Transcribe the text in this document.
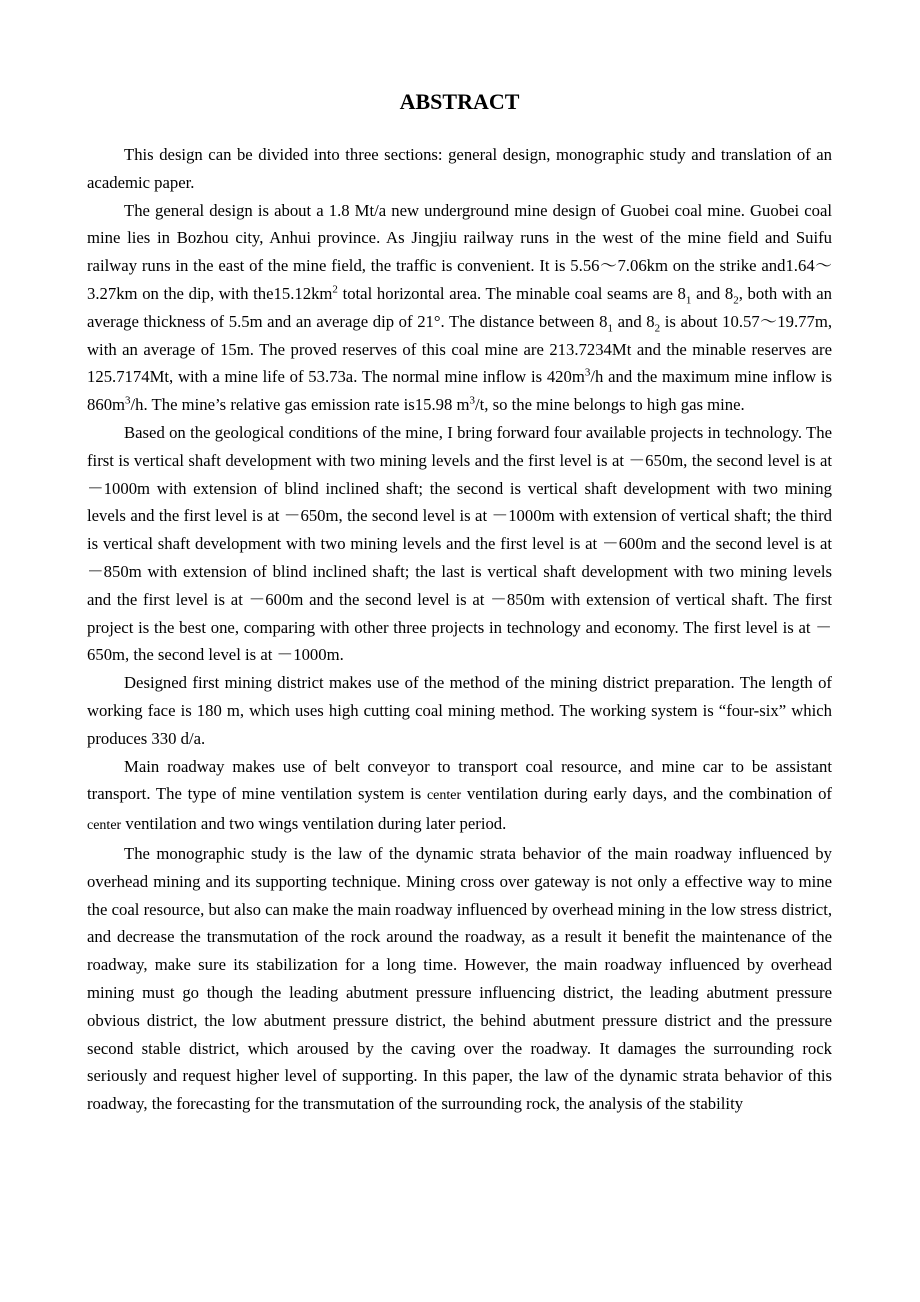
ABSTRACT

This design can be divided into three sections: general design, monographic study and translation of an academic paper.

The general design is about a 1.8 Mt/a new underground mine design of Guobei coal mine. Guobei coal mine lies in Bozhou city, Anhui province. As Jingjiu railway runs in the west of the mine field and Suifu railway runs in the east of the mine field, the traffic is convenient. It is 5.56～7.06km on the strike and1.64～3.27km on the dip, with $the15.12km^2$ total horizontal area. The minable coal seams are $8_1$ and $8_2$, both with an average thickness of 5.5m and an average dip of 21°. The distance between $8_1$ and $8_2$ is about 10.57～19.77m, with an average of 15m. The proved reserves of this coal mine are 213.7234Mt and the minable reserves are 125.7174Mt, with a mine life of 53.73a. The normal mine inflow is $420m^3/h$ and the maximum mine inflow is $860m^3/h$. The mine’s relative gas emission rate is15.98 $m^3/t$, so the mine belongs to high gas mine.

Based on the geological conditions of the mine, I bring forward four available projects in technology. The first is vertical shaft development with two mining levels and the first level is at －650m, the second level is at －1000m with extension of blind inclined shaft; the second is vertical shaft development with two mining levels and the first level is at －650m, the second level is at －1000m with extension of vertical shaft; the third is vertical shaft development with two mining levels and the first level is at －600m and the second level is at －850m with extension of blind inclined shaft; the last is vertical shaft development with two mining levels and the first level is at －600m and the second level is at －850m with extension of vertical shaft. The first project is the best one, comparing with other three projects in technology and economy. The first level is at －650m, the second level is at －1000m.

Designed first mining district makes use of the method of the mining district preparation. The length of working face is 180 m, which uses high cutting coal mining method. The working system is “four-six” which produces 330 d/a.

Main roadway makes use of belt conveyor to transport coal resource, and mine car to be assistant transport. The type of mine ventilation system is center ventilation during early days, and the combination of center ventilation and two wings ventilation during later period.

The monographic study is the law of the dynamic strata behavior of the main roadway influenced by overhead mining and its supporting technique. Mining cross over gateway is not only a effective way to mine the coal resource, but also can make the main roadway influenced by overhead mining in the low stress district, and decrease the transmutation of the rock around the roadway, as a result it benefit the maintenance of the roadway, make sure its stabilization for a long time. However, the main roadway influenced by overhead mining must go though the leading abutment pressure influencing district, the leading abutment pressure obvious district, the low abutment pressure district, the behind abutment pressure district and the pressure second stable district, which aroused by the caving over the roadway. It damages the surrounding rock seriously and request higher level of supporting. In this paper, the law of the dynamic strata behavior of this roadway, the forecasting for the transmutation of the surrounding rock, the analysis of the stability
